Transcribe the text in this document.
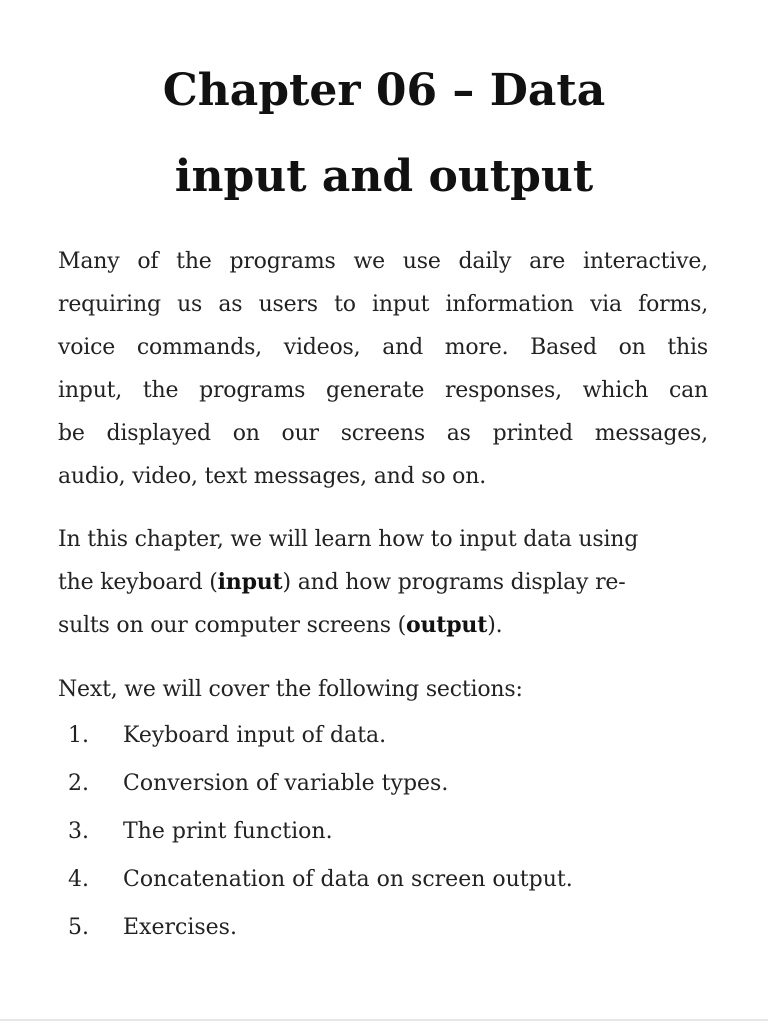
Chapter 06 – Data
input and output
Many of the programs we use daily are interactive,
requiring us as users to input information via forms,
voice commands, videos, and more. Based on this
input, the programs generate responses, which can
be displayed on our screens as printed messages,
audio, video, text messages, and so on.
In this chapter, we will learn how to input data using
the keyboard (input) and how programs display re-
sults on our computer screens (output).
Next, we will cover the following sections:
1.	Keyboard input of data.
2.	Conversion of variable types.
3.	The print function.
4.	Concatenation of data on screen output.
5.	Exercises.
